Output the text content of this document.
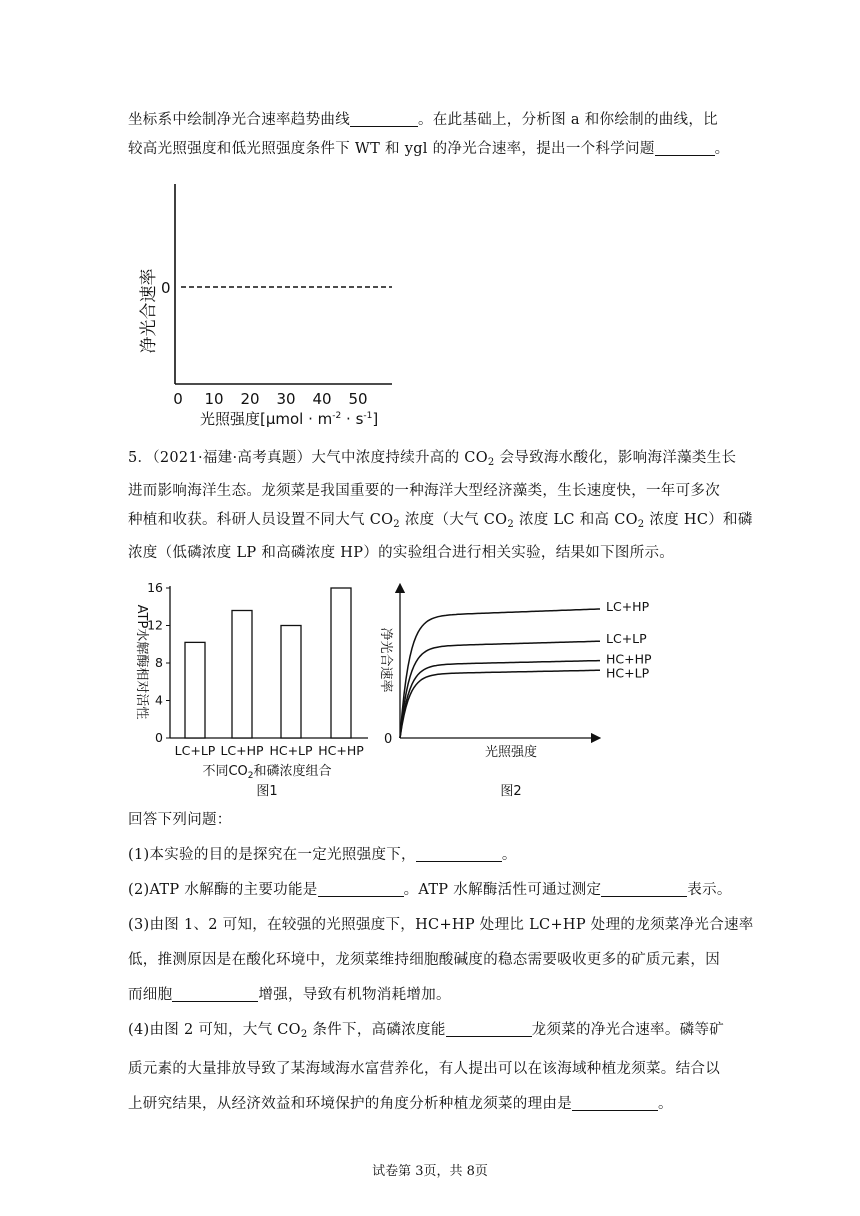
坐标系中绘制净光合速率趋势曲线	。在此基础上，分析图 a 和你绘制的曲线，比
较高光照强度和低光照强度条件下 WT 和 ygl 的净光合速率，提出一个科学问题	。
0
净光合速率
0 10 20 30 40 50
光照强度$[\mu mol \cdot m^{-2} \cdot s^{-1}]$
5．（2021·福建·高考真题）大气中浓度持续升高的 $CO_2$ 会导致海水酸化，影响海洋藻类生长
进而影响海洋生态。龙须菜是我国重要的一种海洋大型经济藻类，生长速度快，一年可多次
种植和收获。科研人员设置不同大气 $CO_2$ 浓度（大气 $CO_2$ 浓度 LC 和高 $CO_2$ 浓度 HC）和磷
浓度（低磷浓度 LP 和高磷浓度 HP）的实验组合进行相关实验，结果如下图所示。
0
4
8
12
16
ATP水解酶相对活性
LC+LP LC+HP HC+LP HC+HP
不同$CO_2$和磷浓度组合
图1
0
净光合速率
光照强度
图2
LC+HP
LC+LP
HC+HP
HC+LP
回答下列问题：
(1)本实验的目的是探究在一定光照强度下，	。
(2)ATP 水解酶的主要功能是	。ATP 水解酶活性可通过测定	表示。
(3)由图 1、2 可知，在较强的光照强度下，HC+HP 处理比 LC+HP 处理的龙须菜净光合速率
低，推测原因是在酸化环境中，龙须菜维持细胞酸碱度的稳态需要吸收更多的矿质元素，因
而细胞	增强，导致有机物消耗增加。
(4)由图 2 可知，大气 $CO_2$ 条件下，高磷浓度能	龙须菜的净光合速率。磷等矿
质元素的大量排放导致了某海域海水富营养化，有人提出可以在该海域种植龙须菜。结合以
上研究结果，从经济效益和环境保护的角度分析种植龙须菜的理由是	。
试卷第 3页，共 8页
